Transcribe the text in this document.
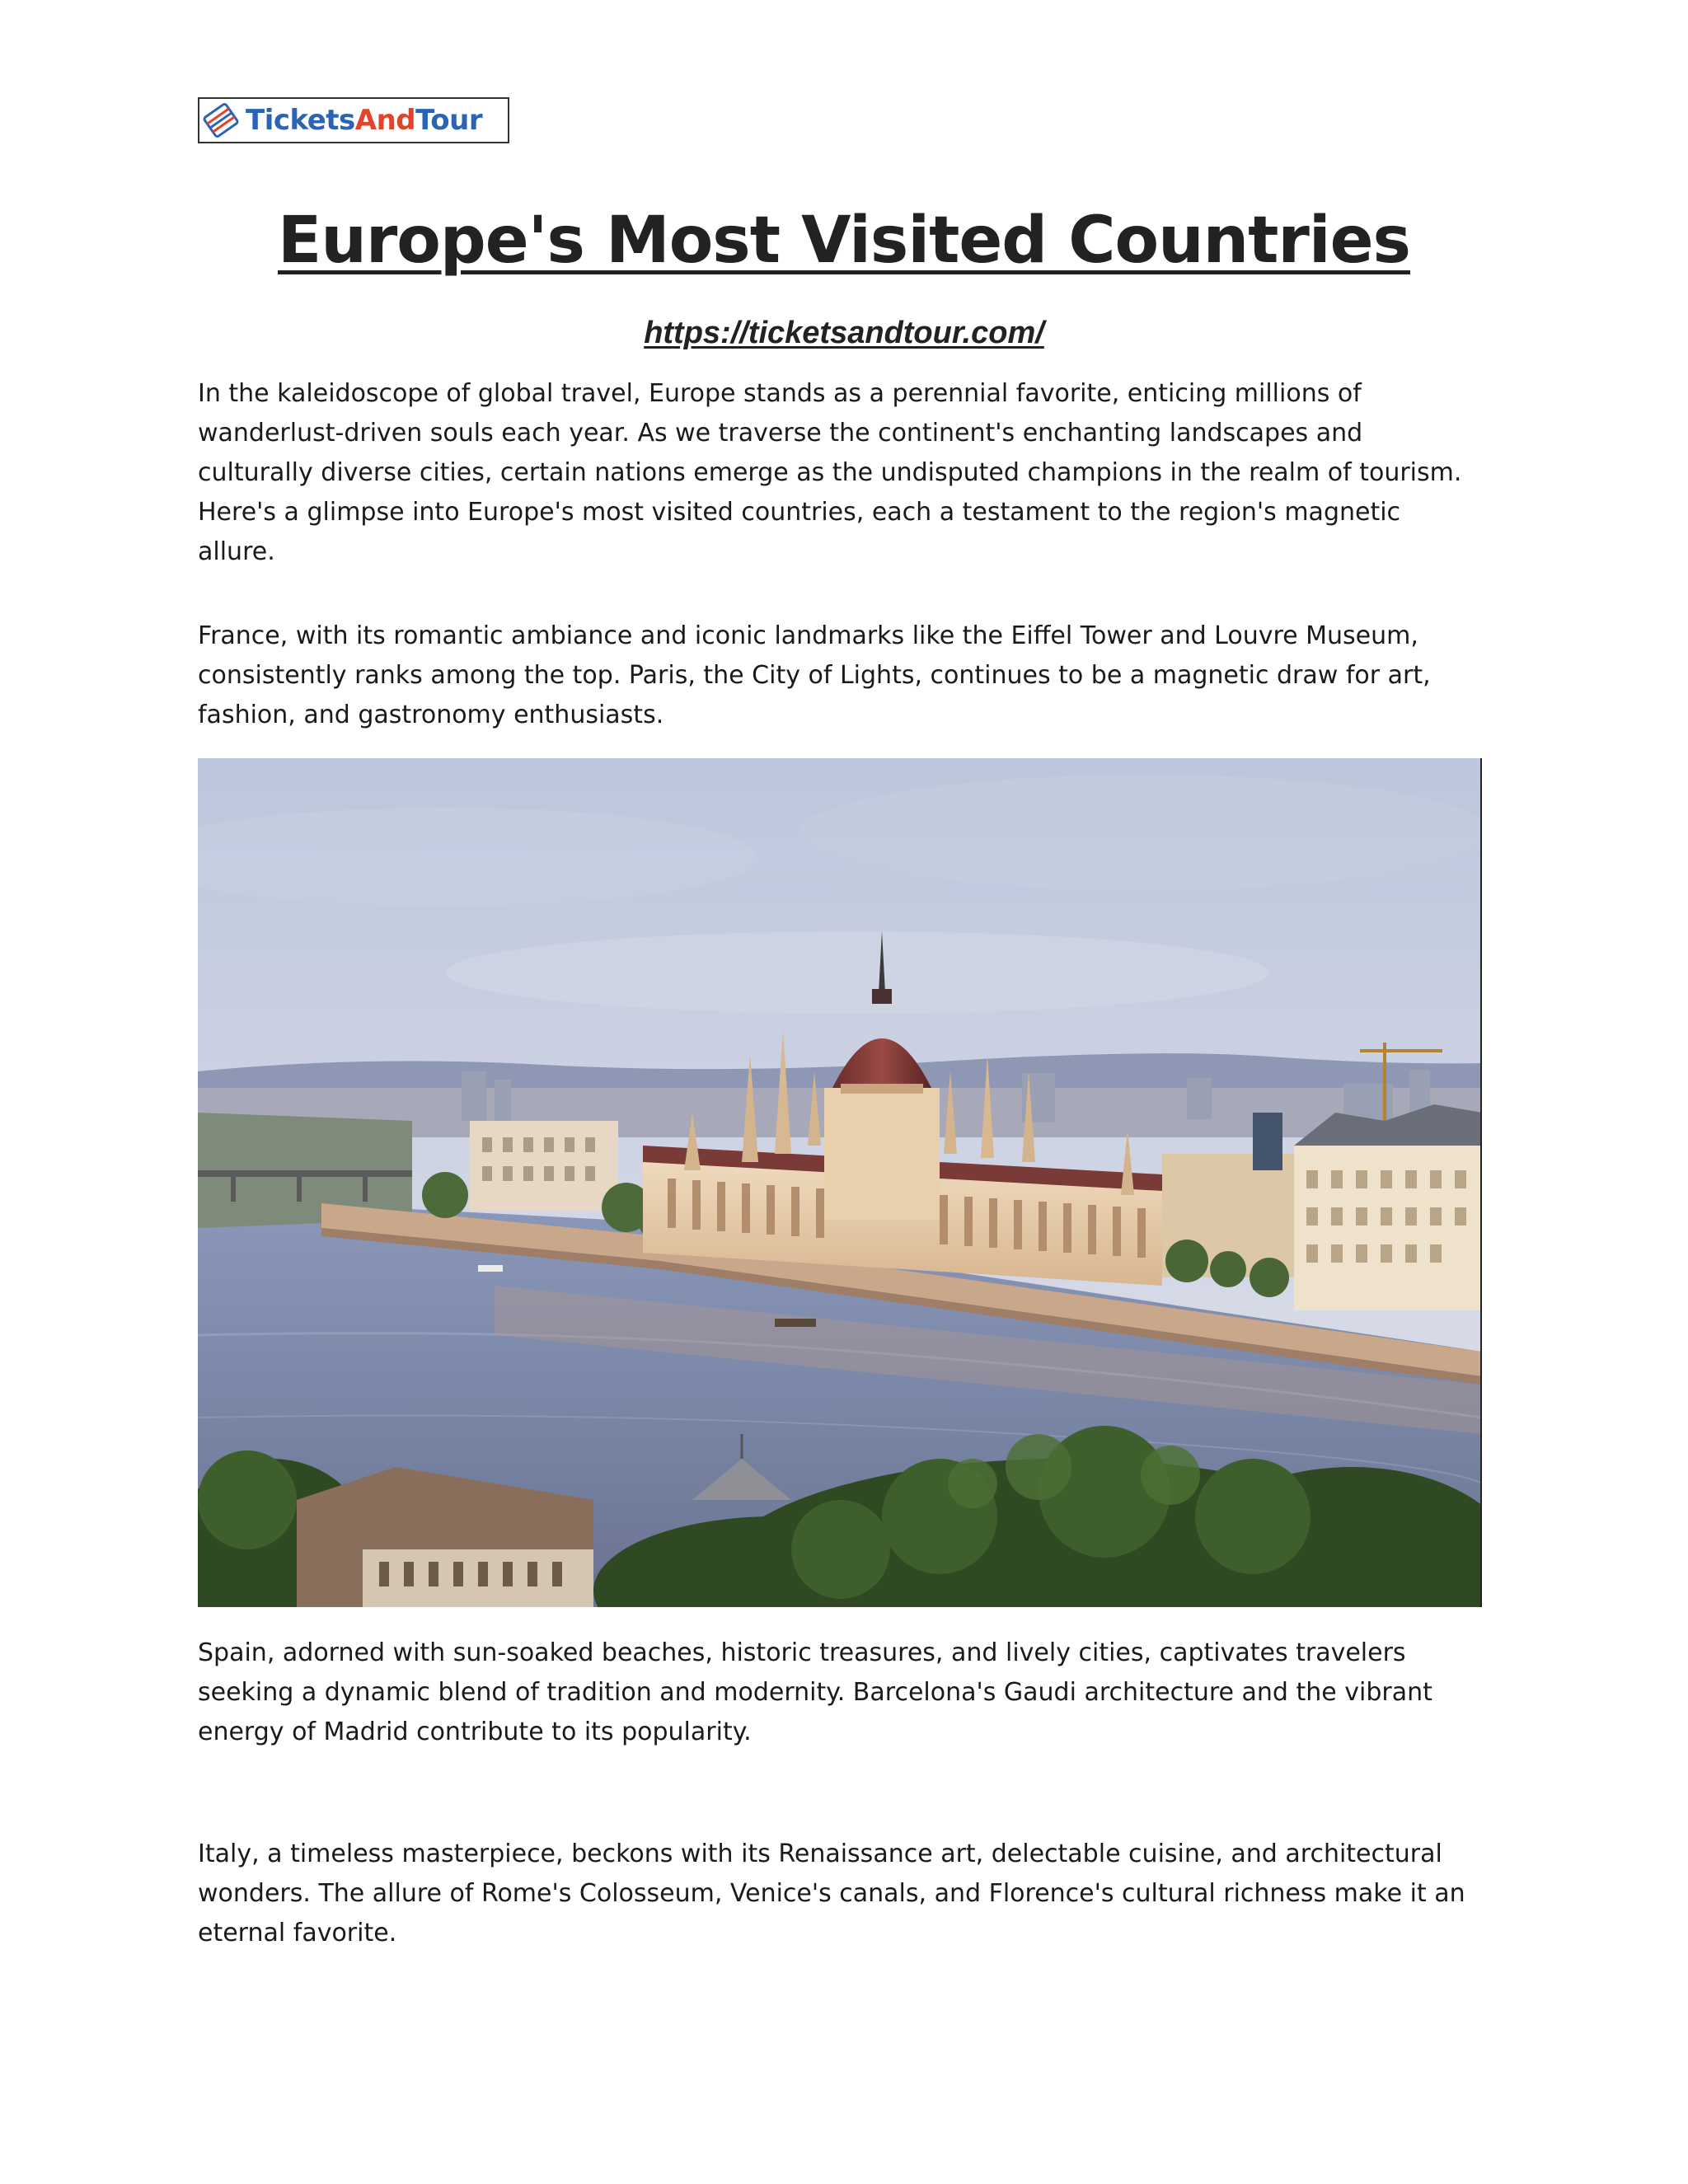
TicketsAndTour
Europe's Most Visited Countries
https://ticketsandtour.com/

In the kaleidoscope of global travel, Europe stands as a perennial favorite, enticing millions of wanderlust-driven souls each year. As we traverse the continent's enchanting landscapes and culturally diverse cities, certain nations emerge as the undisputed champions in the realm of tourism. Here's a glimpse into Europe's most visited countries, each a testament to the region's magnetic allure.

France, with its romantic ambiance and iconic landmarks like the Eiffel Tower and Louvre Museum, consistently ranks among the top. Paris, the City of Lights, continues to be a magnetic draw for art, fashion, and gastronomy enthusiasts.

Spain, adorned with sun-soaked beaches, historic treasures, and lively cities, captivates travelers seeking a dynamic blend of tradition and modernity. Barcelona's Gaudi architecture and the vibrant energy of Madrid contribute to its popularity.

Italy, a timeless masterpiece, beckons with its Renaissance art, delectable cuisine, and architectural wonders. The allure of Rome's Colosseum, Venice's canals, and Florence's cultural richness make it an eternal favorite.
